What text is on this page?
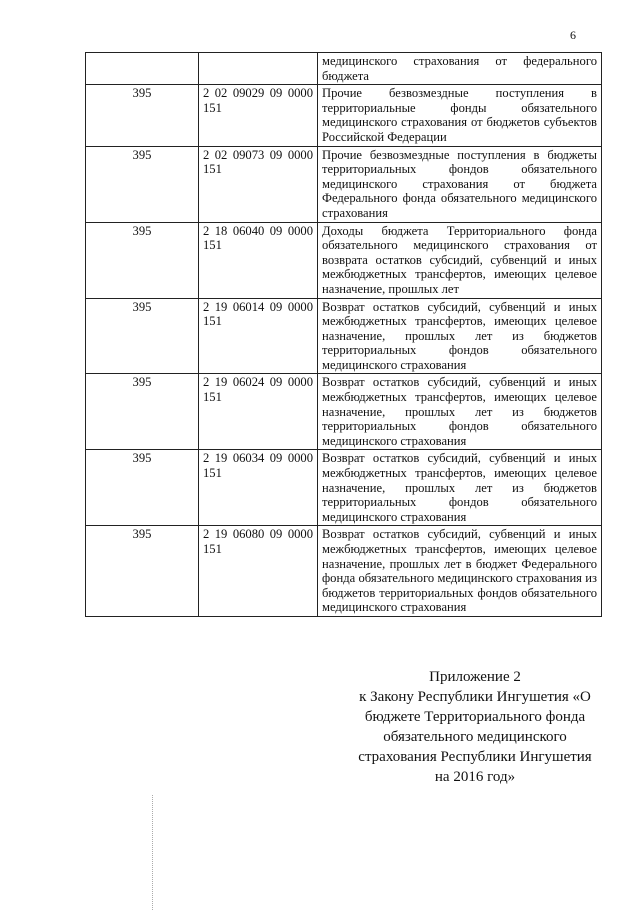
6
		медицинского страхования от федерального бюджета
395	2 02 09029 09 0000 151	Прочие безвозмездные поступления в территориальные фонды обязательного медицинского страхования от бюджетов субъектов Российской Федерации
395	2 02 09073 09 0000 151	Прочие безвозмездные поступления в бюджеты территориальных фондов обязательного медицинского страхования от бюджета Федерального фонда обязательного медицинского страхования
395	2 18 06040 09 0000 151	Доходы бюджета Территориального фонда обязательного медицинского страхования от возврата остатков субсидий, субвенций и иных межбюджетных трансфертов, имеющих целевое назначение, прошлых лет
395	2 19 06014 09 0000 151	Возврат остатков субсидий, субвенций и иных межбюджетных трансфертов, имеющих целевое назначение, прошлых лет из бюджетов территориальных фондов обязательного медицинского страхования
395	2 19 06024 09 0000 151	Возврат остатков субсидий, субвенций и иных межбюджетных трансфертов, имеющих целевое назначение, прошлых лет из бюджетов территориальных фондов обязательного медицинского страхования
395	2 19 06034 09 0000 151	Возврат остатков субсидий, субвенций и иных межбюджетных трансфертов, имеющих целевое назначение, прошлых лет из бюджетов территориальных фондов обязательного медицинского страхования
395	2 19 06080 09 0000 151	Возврат остатков субсидий, субвенций и иных межбюджетных трансфертов, имеющих целевое назначение, прошлых лет в бюджет Федерального фонда обязательного медицинского страхования из бюджетов территориальных фондов обязательного медицинского страхования
Приложение 2
к Закону Республики Ингушетия «О
бюджете Территориального фонда
обязательного медицинского
страхования Республики Ингушетия
на 2016 год»
